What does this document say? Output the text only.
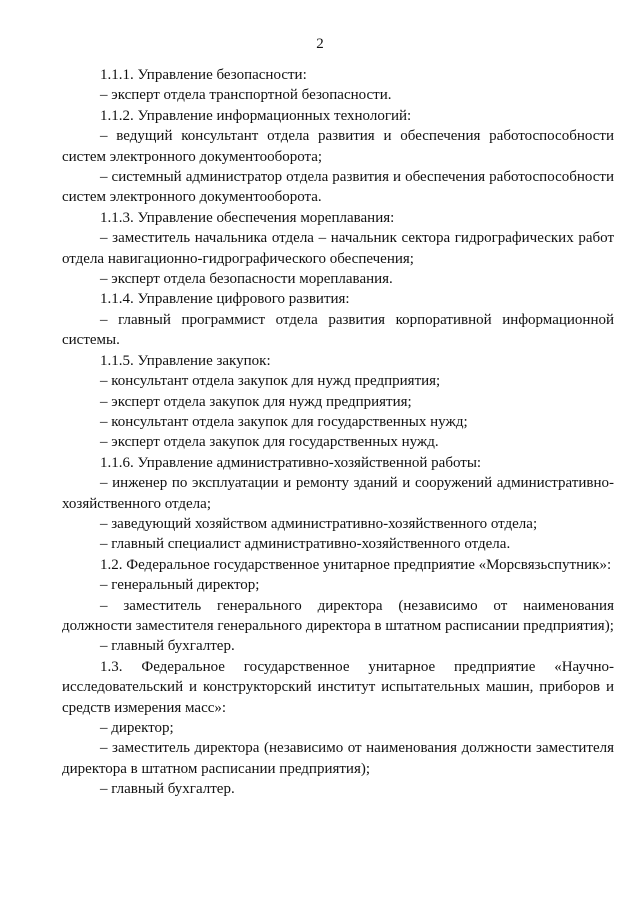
2

1.1.1. Управление безопасности:

– эксперт отдела транспортной безопасности.

1.1.2. Управление информационных технологий:

– ведущий консультант отдела развития и обеспечения работоспособности систем электронного документооборота;

– системный администратор отдела развития и обеспечения работоспособности систем электронного документооборота.

1.1.3. Управление обеспечения мореплавания:

– заместитель начальника отдела – начальник сектора гидрографических работ отдела навигационно-гидрографического обеспечения;

– эксперт отдела безопасности мореплавания.

1.1.4. Управление цифрового развития:

– главный программист отдела развития корпоративной информационной системы.

1.1.5. Управление закупок:

– консультант отдела закупок для нужд предприятия;

– эксперт отдела закупок для нужд предприятия;

– консультант отдела закупок для государственных нужд;

– эксперт отдела закупок для государственных нужд.

1.1.6. Управление административно-хозяйственной работы:

– инженер по эксплуатации и ремонту зданий и сооружений административно-хозяйственного отдела;

– заведующий хозяйством административно-хозяйственного отдела;

– главный специалист административно-хозяйственного отдела.

1.2. Федеральное государственное унитарное предприятие «Морсвязьспутник»:

– генеральный директор;

– заместитель генерального директора (независимо от наименования должности заместителя генерального директора в штатном расписании предприятия);

– главный бухгалтер.

1.3. Федеральное государственное унитарное предприятие «Научно-исследовательский и конструкторский институт испытательных машин, приборов и средств измерения масс»:

– директор;

– заместитель директора (независимо от наименования должности заместителя директора в штатном расписании предприятия);

– главный бухгалтер.
